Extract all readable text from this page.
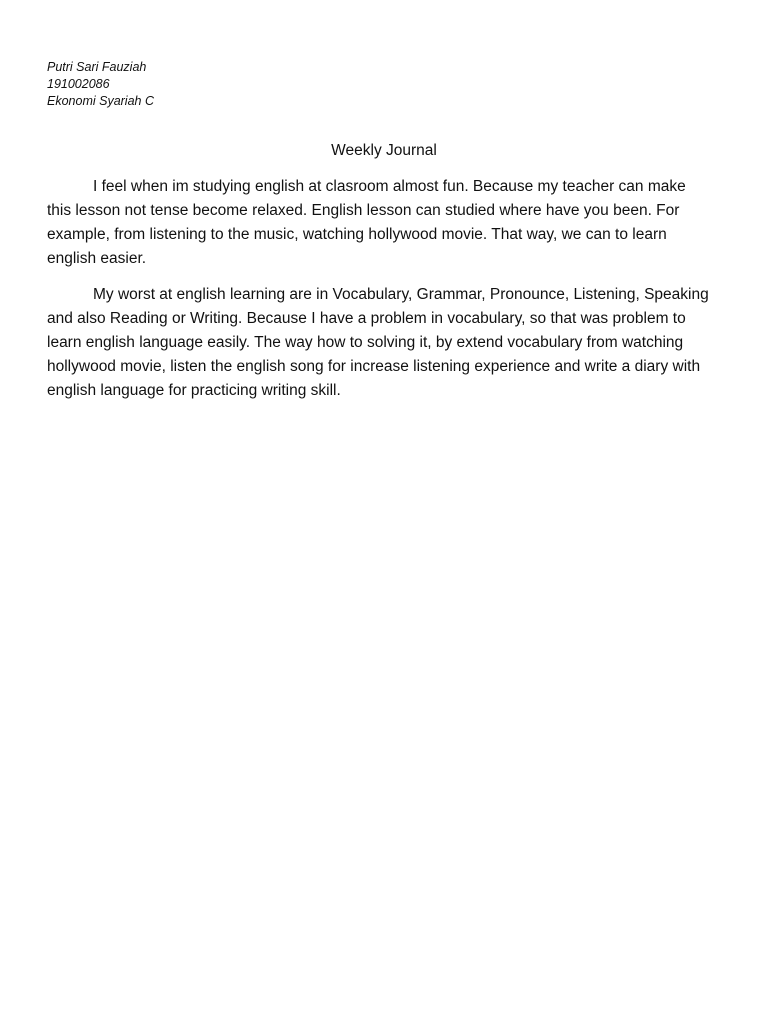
Putri Sari Fauziah
191002086
Ekonomi Syariah C
Weekly Journal

I feel when im studying english at clasroom almost fun. Because my teacher can make this lesson not tense become relaxed. English lesson can studied where have you been. For example, from listening to the music, watching hollywood movie. That way, we can to learn english easier.

My worst at english learning are in Vocabulary, Grammar, Pronounce, Listening, Speaking and also Reading or Writing. Because I have a problem in vocabulary, so that was problem to learn english language easily. The way how to solving it, by extend vocabulary from watching hollywood movie, listen the english song for increase listening experience and write a diary with english language for practicing writing skill.
